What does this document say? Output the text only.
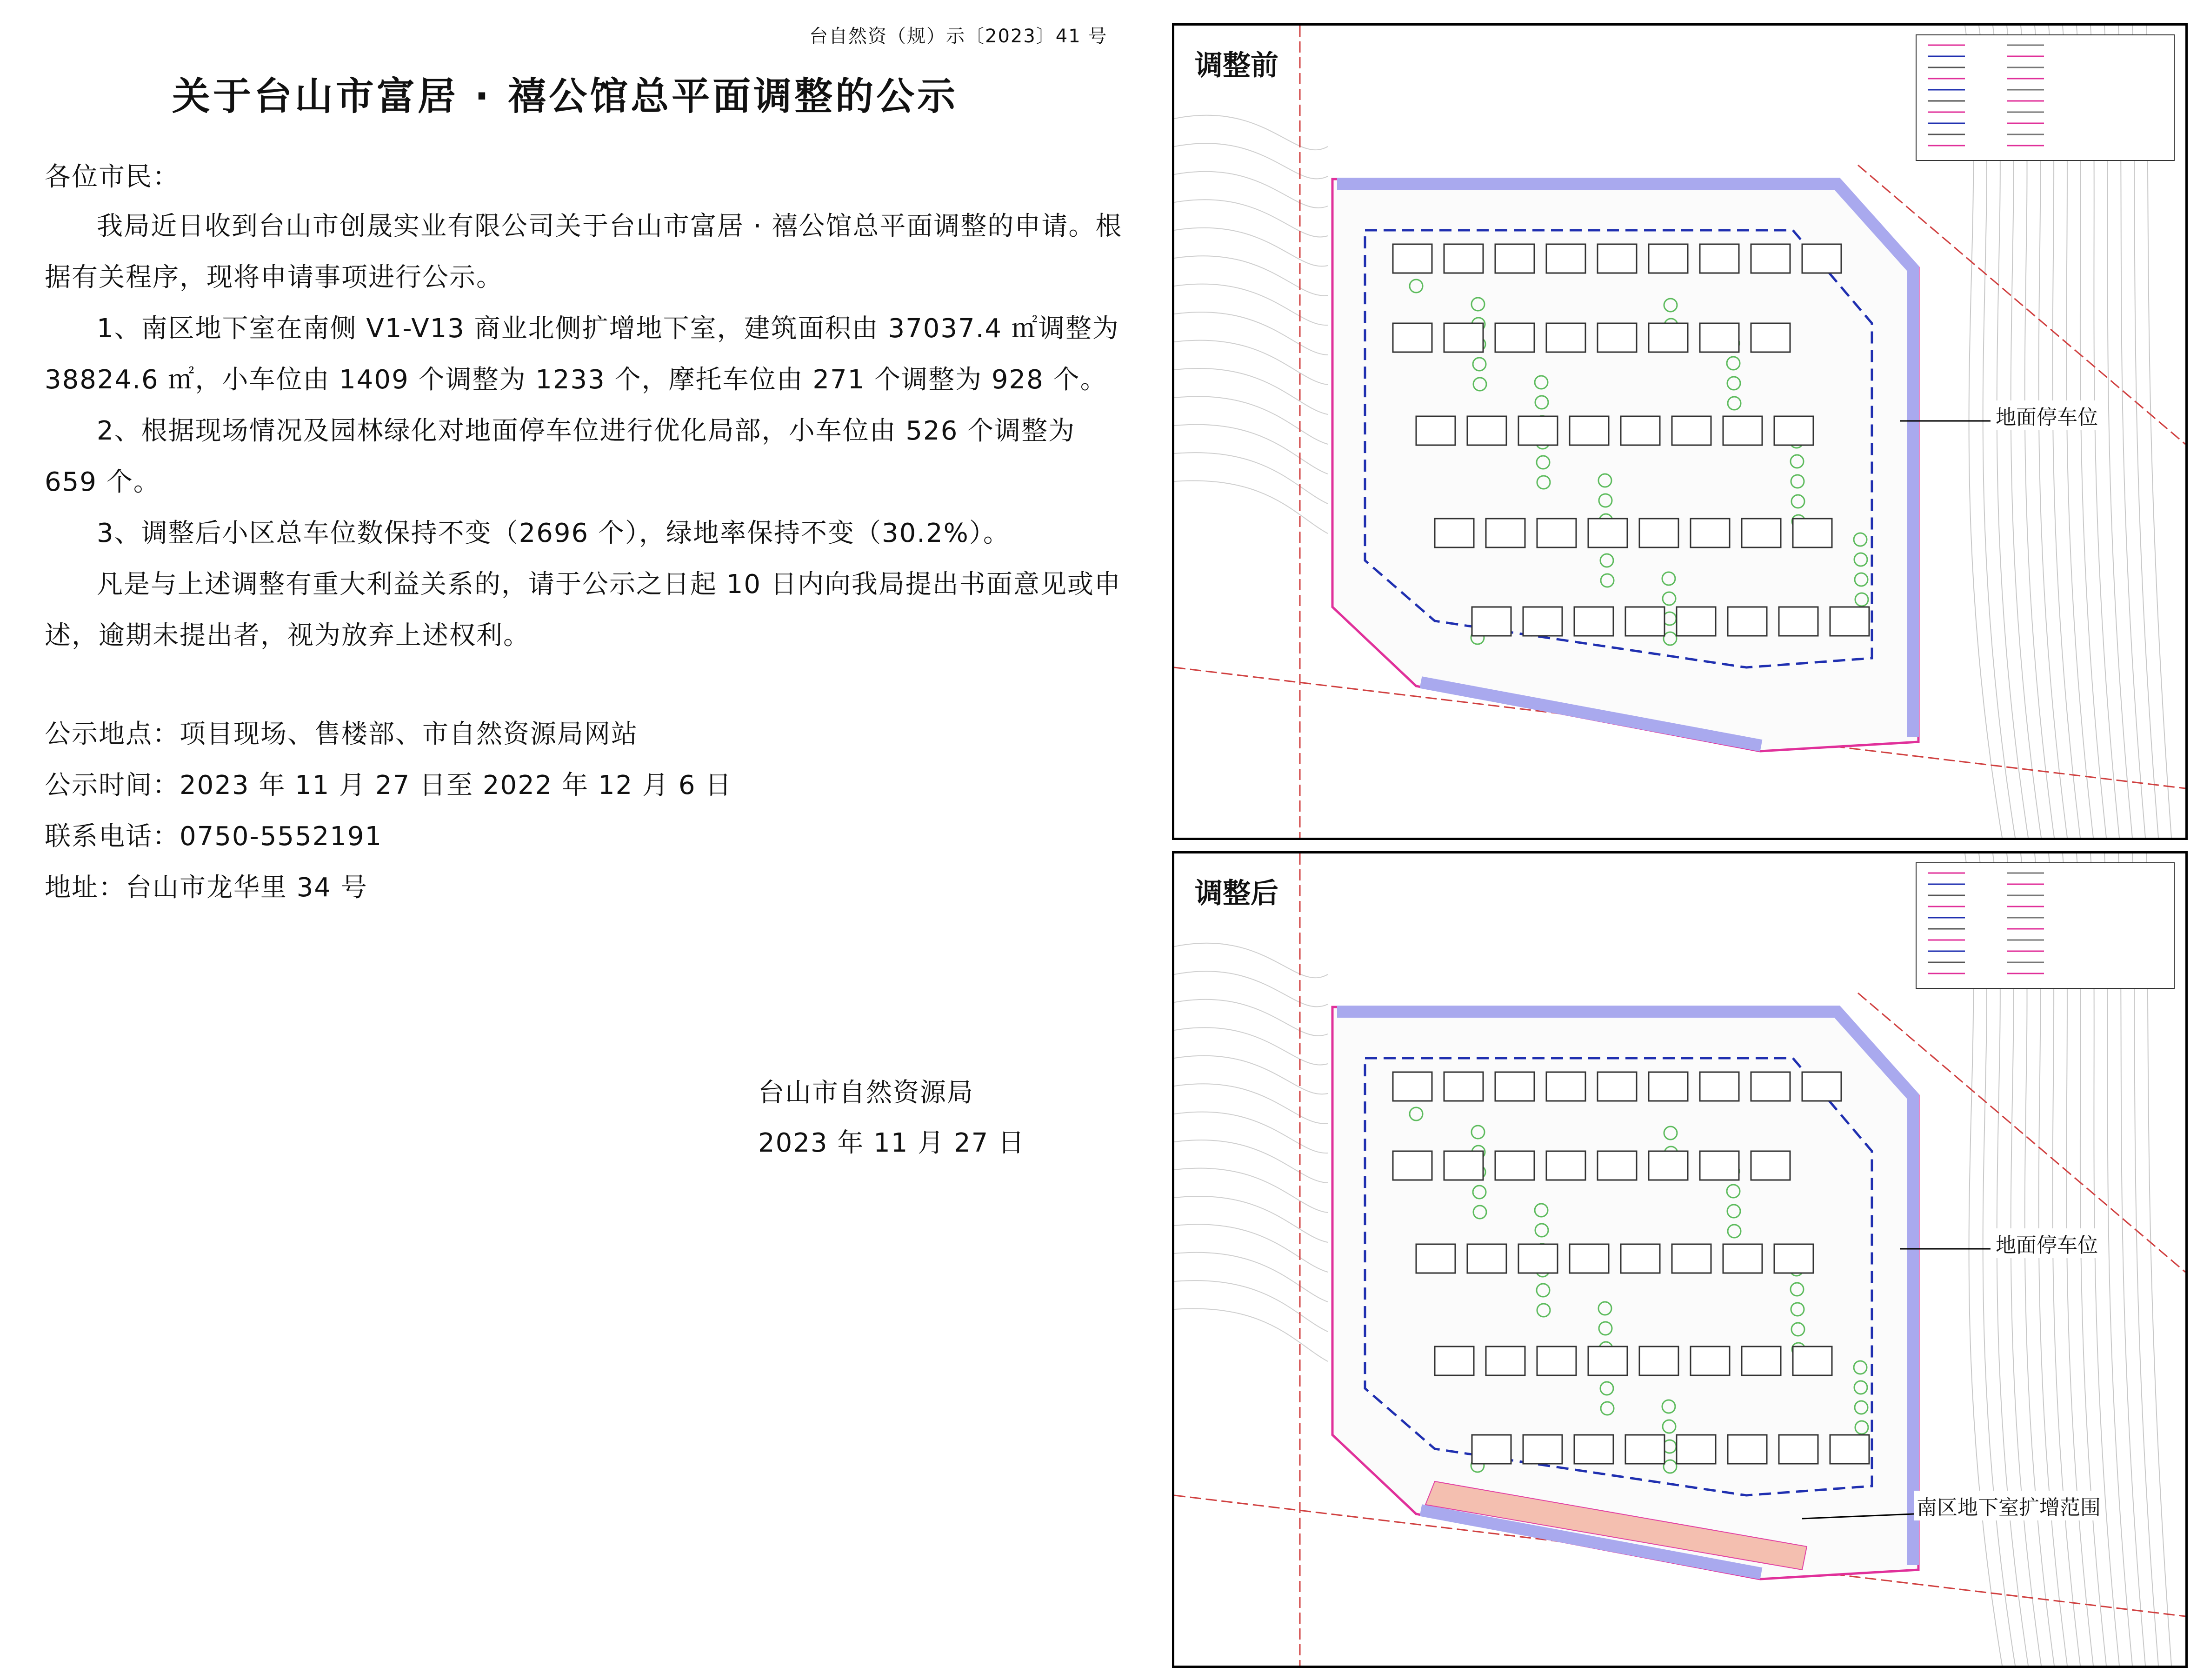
台自然资（规）示〔2023〕41 号
关于台山市富居 · 禧公馆总平面调整的公示
各位市民：

我局近日收到台山市创晟实业有限公司关于台山市富居 · 禧公馆总平面调整的申请。根据有关程序，现将申请事项进行公示。

1、南区地下室在南侧 V1-V13 商业北侧扩增地下室，建筑面积由 37037.4 ㎡调整为 38824.6 ㎡，小车位由 1409 个调整为 1233 个，摩托车位由 271 个调整为 928 个。

2、根据现场情况及园林绿化对地面停车位进行优化局部，小车位由 526 个调整为 659 个。

3、调整后小区总车位数保持不变（2696 个），绿地率保持不变（30.2%）。

凡是与上述调整有重大利益关系的，请于公示之日起 10 日内向我局提出书面意见或申述，逾期未提出者，视为放弃上述权利。

公示地点：项目现场、售楼部、市自然资源局网站
公示时间：2023 年 11 月 27 日至 2022 年 12 月 6 日
联系电话：0750-5552191
地址：台山市龙华里 34 号
台山市自然资源局
2023 年 11 月 27 日
调整前
地面停车位
调整后
地面停车位
南区地下室扩增范围
